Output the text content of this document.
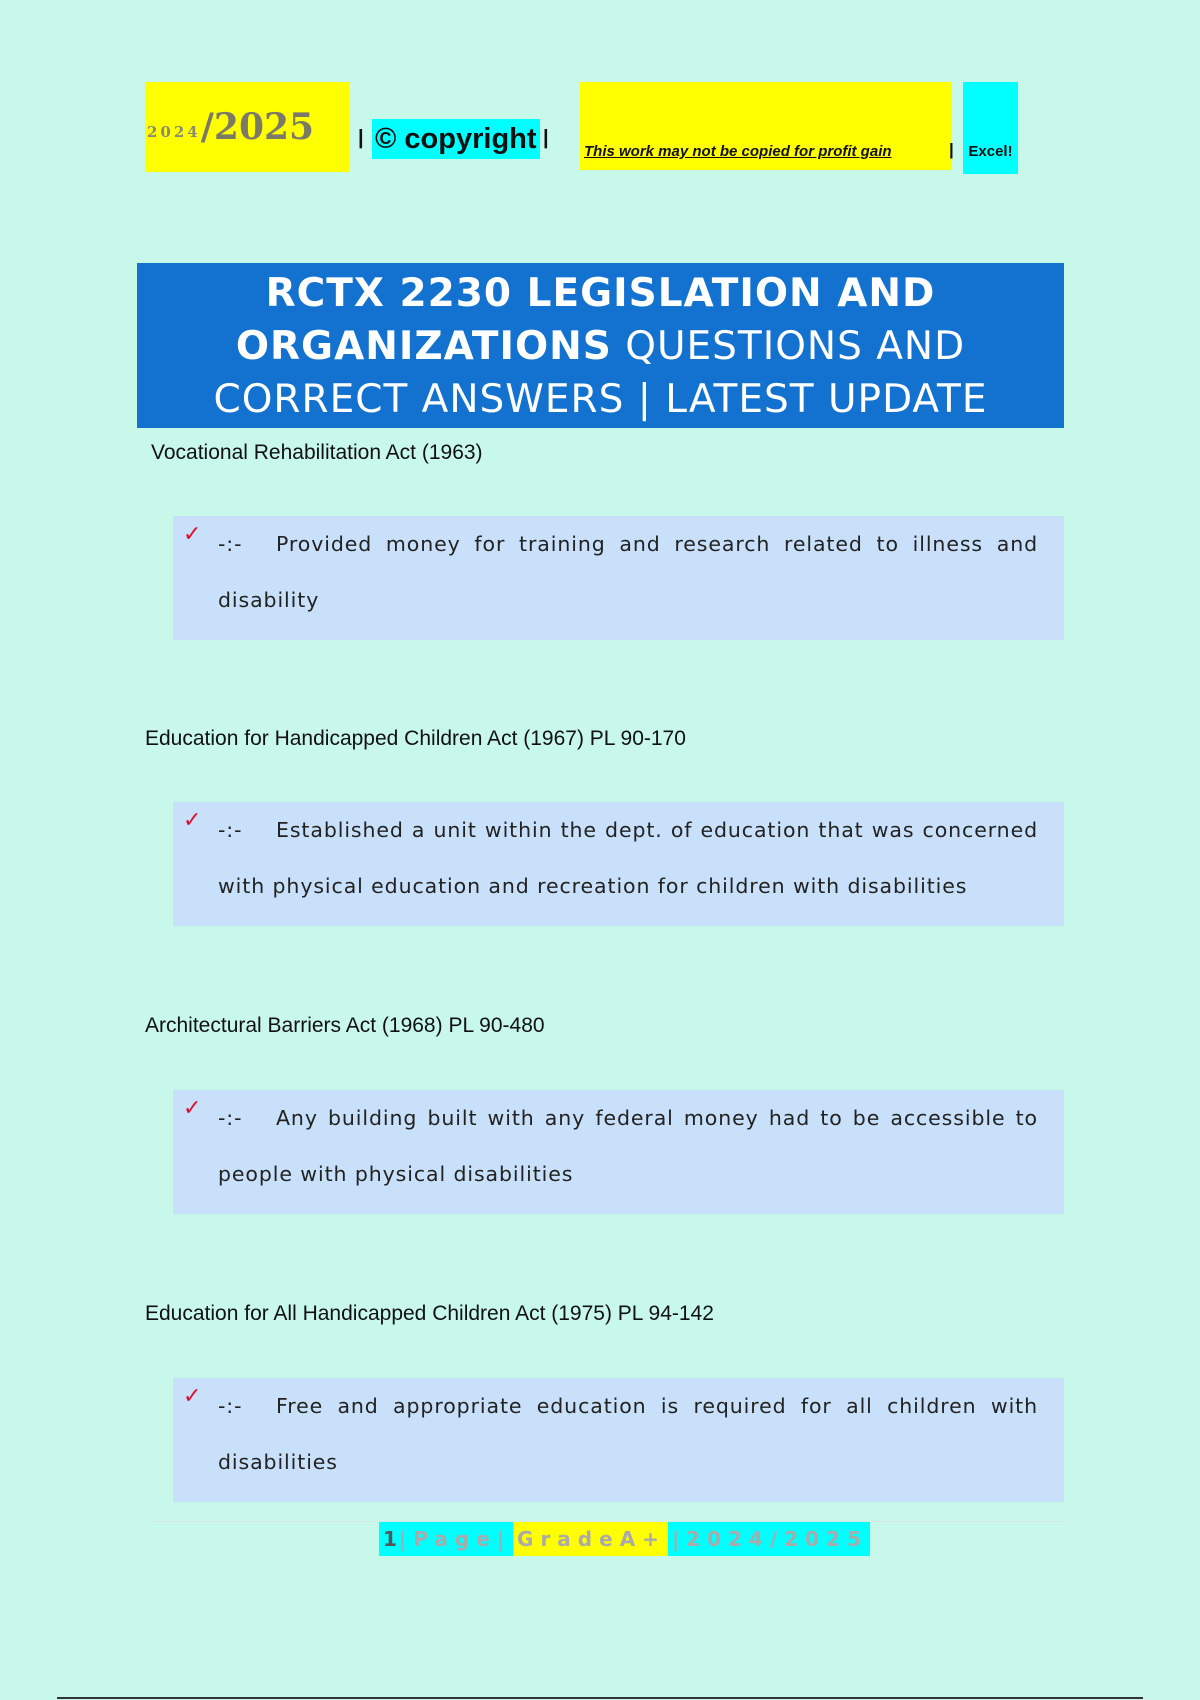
2024 /2025 | © copyright |
This work may not be copied for profit gain	| Excel!
RCTX 2230 LEGISLATION AND
ORGANIZATIONS QUESTIONS AND
CORRECT ANSWERS | LATEST UPDATE
Vocational Rehabilitation Act (1963)
✓ -:- Provided money for training and research related to illness and disability
Education for Handicapped Children Act (1967) PL 90-170
✓ -:- Established a unit within the dept. of education that was concerned with physical education and recreation for children with disabilities
Architectural Barriers Act (1968) PL 90-480
✓ -:- Any building built with any federal money had to be accessible to people with physical disabilities
Education for All Handicapped Children Act (1975) PL 94-142
✓ -:- Free and appropriate education is required for all children with disabilities
1|Page| GradeA+ |2024/2025
